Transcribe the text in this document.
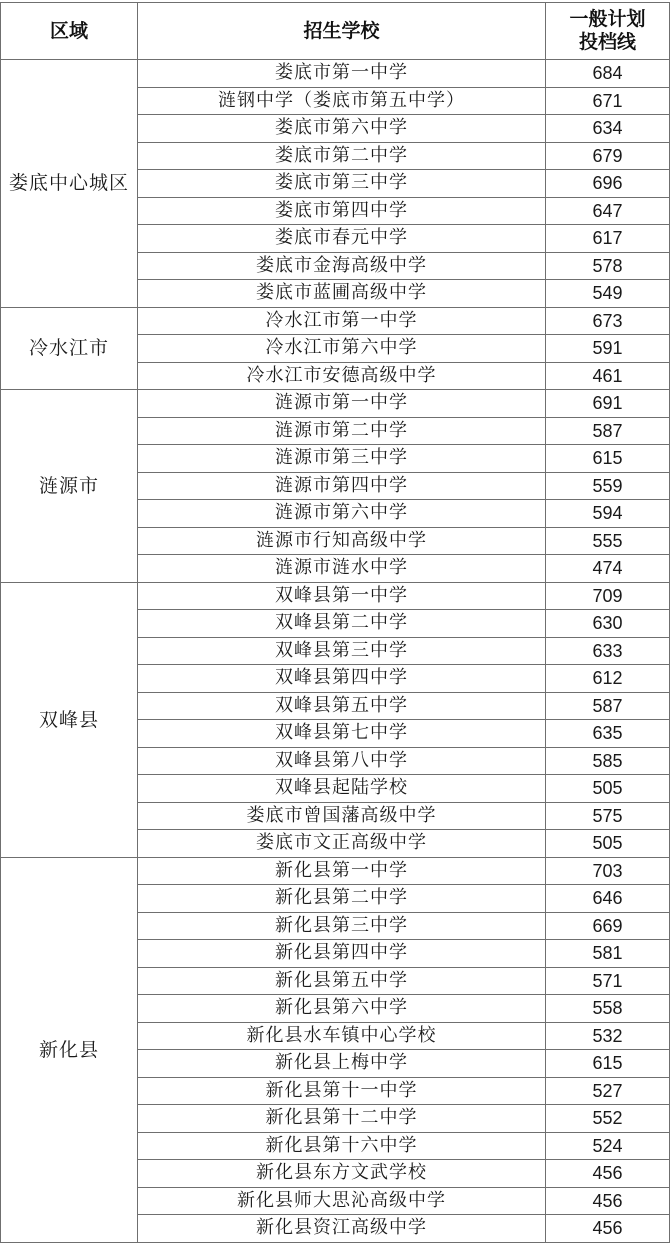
区域	招生学校	一般计划
投档线

娄底中心城区	娄底市第一中学	684
	涟钢中学（娄底市第五中学）	671
	娄底市第六中学	634
	娄底市第二中学	679
	娄底市第三中学	696
	娄底市第四中学	647
	娄底市春元中学	617
	娄底市金海高级中学	578
	娄底市蓝圃高级中学	549
冷水江市	冷水江市第一中学	673
	冷水江市第六中学	591
	冷水江市安德高级中学	461
涟源市	涟源市第一中学	691
	涟源市第二中学	587
	涟源市第三中学	615
	涟源市第四中学	559
	涟源市第六中学	594
	涟源市行知高级中学	555
	涟源市涟水中学	474
双峰县	双峰县第一中学	709
	双峰县第二中学	630
	双峰县第三中学	633
	双峰县第四中学	612
	双峰县第五中学	587
	双峰县第七中学	635
	双峰县第八中学	585
	双峰县起陆学校	505
	娄底市曾国藩高级中学	575
	娄底市文正高级中学	505
新化县	新化县第一中学	703
	新化县第二中学	646
	新化县第三中学	669
	新化县第四中学	581
	新化县第五中学	571
	新化县第六中学	558
	新化县水车镇中心学校	532
	新化县上梅中学	615
	新化县第十一中学	527
	新化县第十二中学	552
	新化县第十六中学	524
	新化县东方文武学校	456
	新化县师大思沁高级中学	456
	新化县资江高级中学	456
